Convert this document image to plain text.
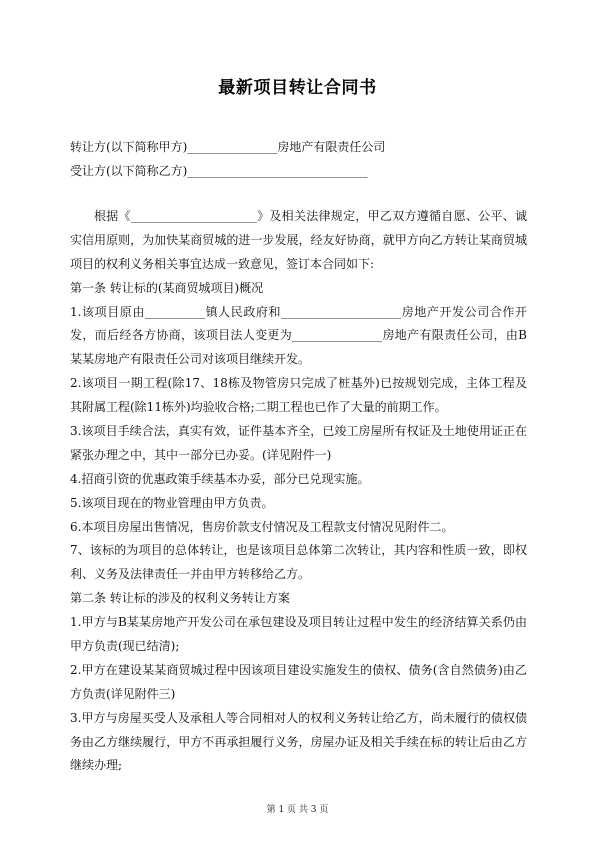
最新项目转让合同书
转让方(以下简称甲方)_______________房地产有限责任公司
受让方(以下简称乙方)______________________________
根据《_____________________》及相关法律规定，甲乙双方遵循自愿、公平、诚
实信用原则，为加快某商贸城的进一步发展，经友好协商，就甲方向乙方转让某商贸城
项目的权利义务相关事宜达成一致意见，签订本合同如下:
第一条 转让标的(某商贸城项目)概况
1.该项目原由__________镇人民政府和____________________房地产开发公司合作开
发，而后经各方协商，该项目法人变更为_______________房地产有限责任公司，由B
某某房地产有限责任公司对该项目继续开发。
2.该项目一期工程(除17、18栋及物管房只完成了桩基外)已按规划完成，主体工程及
其附属工程(除11栋外)均验收合格;二期工程也已作了大量的前期工作。
3.该项目手续合法，真实有效，证件基本齐全，已竣工房屋所有权证及土地使用证正在
紧张办理之中，其中一部分已办妥。(详见附件一)
4.招商引资的优惠政策手续基本办妥，部分已兑现实施。
5.该项目现在的物业管理由甲方负责。
6.本项目房屋出售情况，售房价款支付情况及工程款支付情况见附件二。
7、该标的为项目的总体转让，也是该项目总体第二次转让，其内容和性质一致，即权
利、义务及法律责任一并由甲方转移给乙方。
第二条 转让标的涉及的权利义务转让方案
1.甲方与B某某房地产开发公司在承包建设及项目转让过程中发生的经济结算关系仍由
甲方负责(现已结清);
2.甲方在建设某某商贸城过程中因该项目建设实施发生的债权、债务(含自然债务)由乙
方负责(详见附件三)
3.甲方与房屋买受人及承租人等合同相对人的权利义务转让给乙方，尚未履行的债权债
务由乙方继续履行，甲方不再承担履行义务，房屋办证及相关手续在标的转让后由乙方
继续办理;
第 1 页 共 3 页
